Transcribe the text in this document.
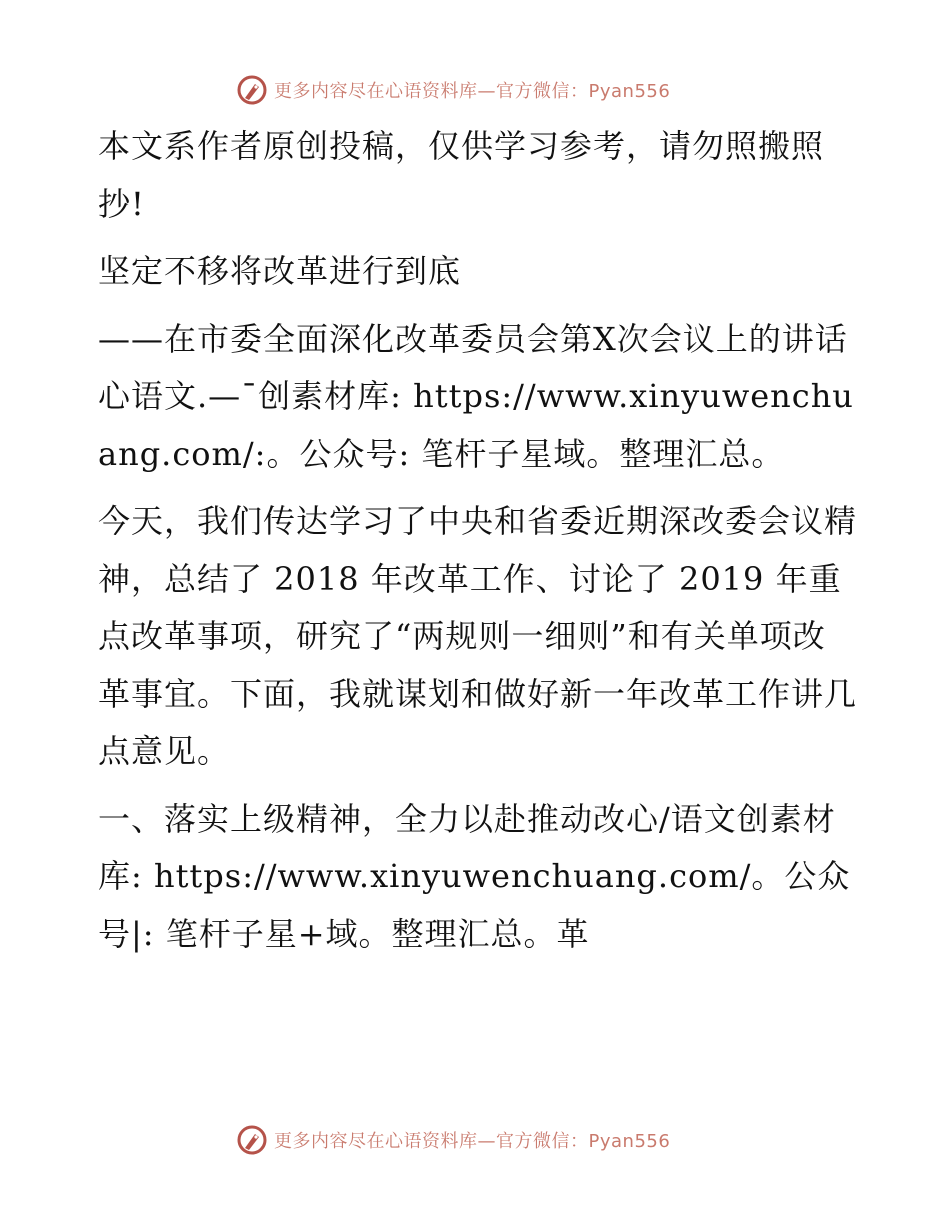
更多内容尽在心语资料库—官方微信：Pyan556

本文系作者原创投稿，仅供学习参考，请勿照搬照抄!

坚定不移将改革进行到底

——在市委全面深化改革委员会第X次会议上的讲话心语文.—¯创素材库: https://www.xinyuwenchuang.com/:。公众号: 笔杆子星域。整理汇总。

今天，我们传达学习了中央和省委近期深改委会议精神，总结了 2018 年改革工作、讨论了 2019 年重点改革事项，研究了“两规则一细则”和有关单项改革事宜。下面，我就谋划和做好新一年改革工作讲几点意见。

一、落实上级精神，全力以赴推动改心/语文创素材库: https://www.xinyuwenchuang.com/。公众号|: 笔杆子星+域。整理汇总。革

更多内容尽在心语资料库—官方微信：Pyan556
